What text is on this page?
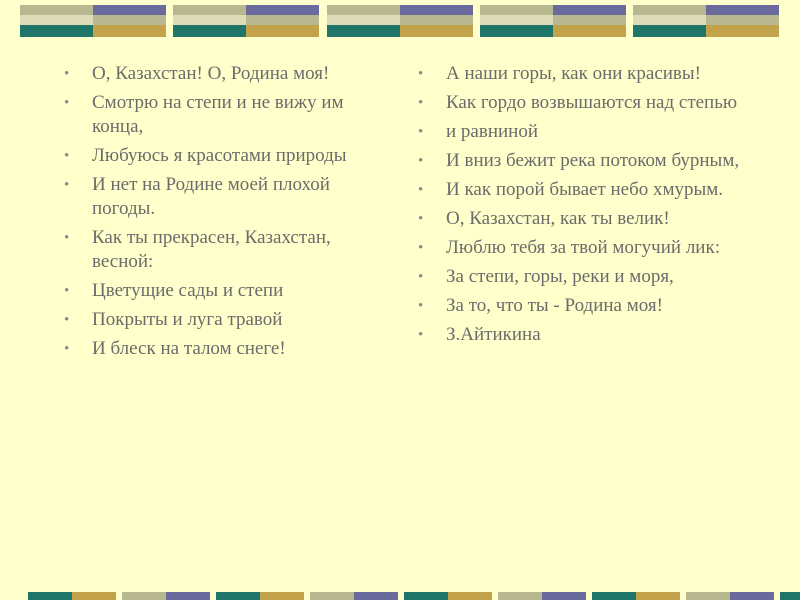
• О, Казахстан! О, Родина моя!
• Смотрю на степи и не вижу им конца,
• Любуюсь я красотами природы
• И нет на Родине моей плохой погоды.
• Как ты прекрасен, Казахстан, весной:
• Цветущие сады и степи
• Покрыты и луга травой
• И блеск на талом снеге!
• А наши горы, как они красивы!
• Как гордо возвышаются над степью
• и равниной
• И вниз бежит река потоком бурным,
• И как порой бывает небо хмурым.
• О, Казахстан, как ты велик!
• Люблю тебя за твой могучий лик:
• За степи, горы, реки и моря,
• За то, что ты - Родина моя!
• З.Айтикина
